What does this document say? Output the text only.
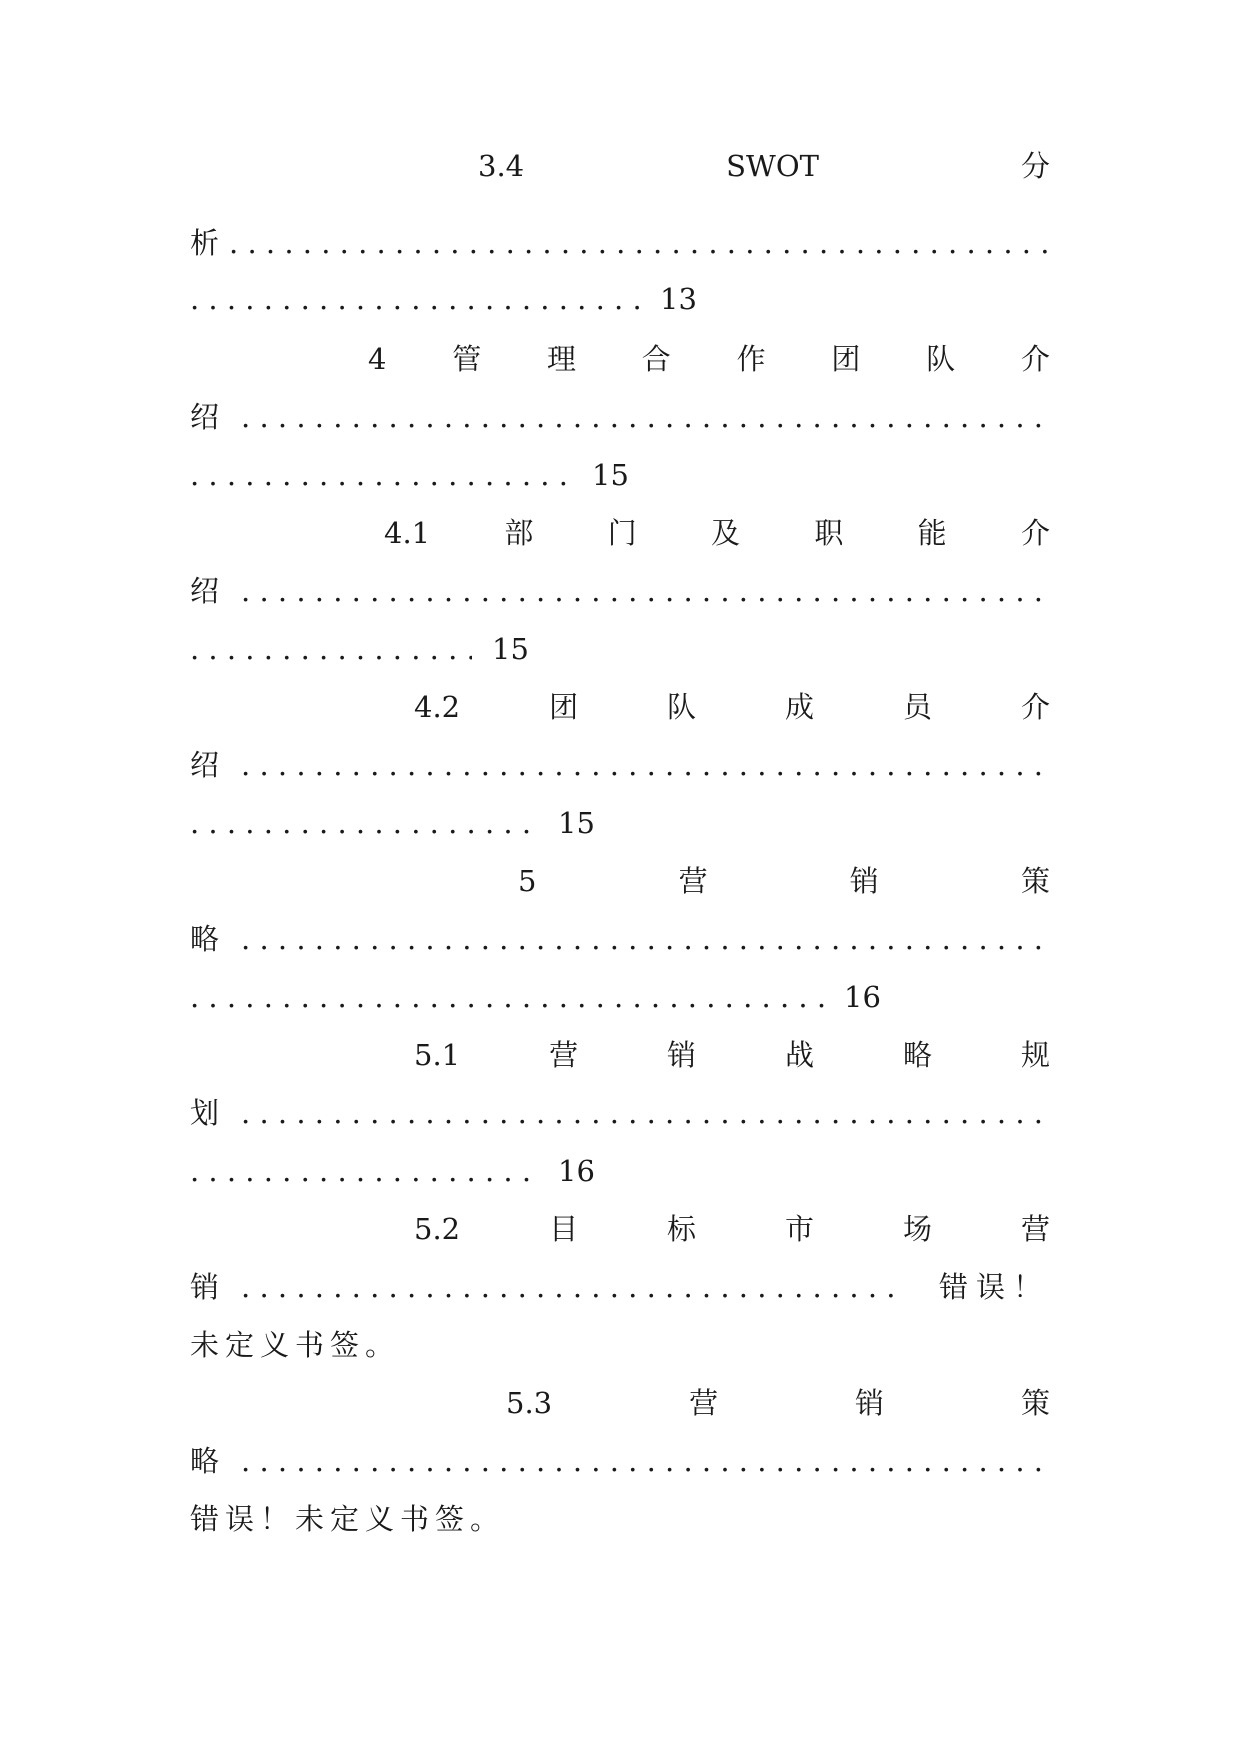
3.4	SWOT	分
析
. . .
. . .
13
4 管 理 合 作 团 队 介
绍
. . .
. . .
15
4.1	部	门	及	职	能	介
绍
. . .
. . .
15
4.2	团	队	成	员	介
绍
. . .
. . .
15
5	营	销	策
略
. . .
. . .
16
5.1	营	销	战	略	规
划
. . .
. . .
16
5.2	目	标	市	场	营
销
. . .	错误！
未定义书签。
5.3	营	销	策
略
. . .
错误！未定义书签。
